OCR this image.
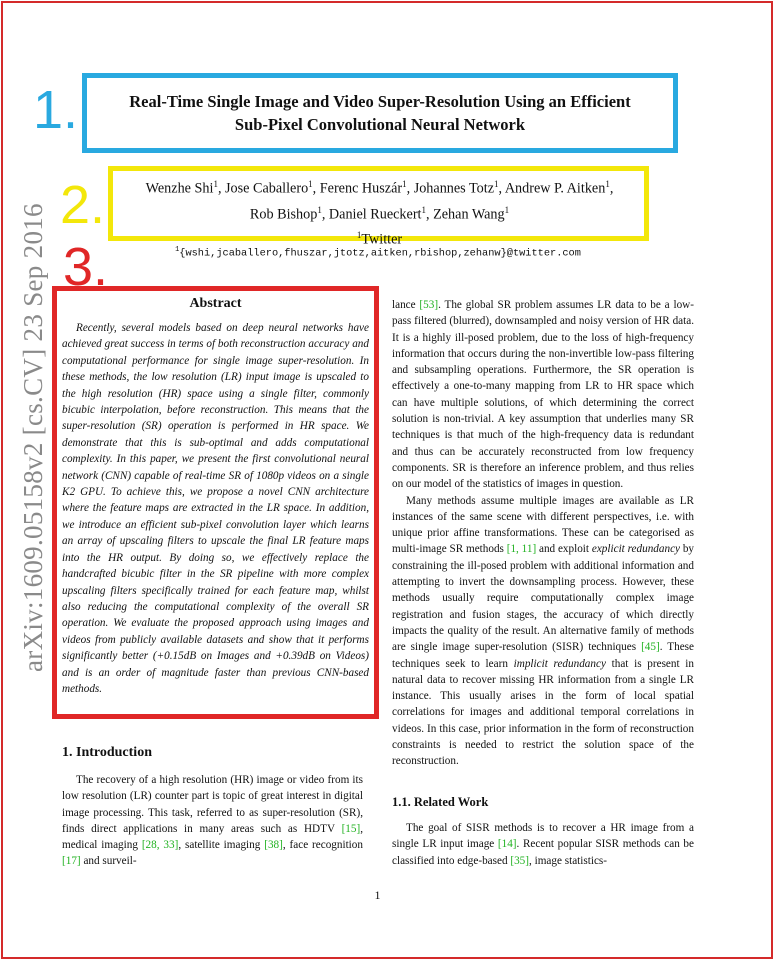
arXiv:1609.05158v2 [cs.CV] 23 Sep 2016
1.
2.
3.
Real-Time Single Image and Video Super-Resolution Using an Efficient
Sub-Pixel Convolutional Neural Network
Wenzhe Shi$^1$, Jose Caballero$^1$, Ferenc Huszár$^1$, Johannes Totz$^1$, Andrew P. Aitken$^1$,
Rob Bishop$^1$, Daniel Rueckert$^1$, Zehan Wang$^1$
$^1$Twitter
$^1${wshi,jcaballero,fhuszar,jtotz,aitken,rbishop,zehanw}@twitter.com
Abstract
Recently, several models based on deep neural networks have achieved great success in terms of both reconstruction accuracy and computational performance for single image super-resolution. In these methods, the low resolution (LR) input image is upscaled to the high resolution (HR) space using a single filter, commonly bicubic interpolation, before reconstruction. This means that the super-resolution (SR) operation is performed in HR space. We demonstrate that this is sub-optimal and adds computational complexity. In this paper, we present the first convolutional neural network (CNN) capable of real-time SR of 1080p videos on a single K2 GPU. To achieve this, we propose a novel CNN architecture where the feature maps are extracted in the LR space. In addition, we introduce an efficient sub-pixel convolution layer which learns an array of upscaling filters to upscale the final LR feature maps into the HR output. By doing so, we effectively replace the handcrafted bicubic filter in the SR pipeline with more complex upscaling filters specifically trained for each feature map, whilst also reducing the computational complexity of the overall SR operation. We evaluate the proposed approach using images and videos from publicly available datasets and show that it performs significantly better (+0.15dB on Images and +0.39dB on Videos) and is an order of magnitude faster than previous CNN-based methods.
1. Introduction
The recovery of a high resolution (HR) image or video from its low resolution (LR) counter part is topic of great interest in digital image processing. This task, referred to as super-resolution (SR), finds direct applications in many areas such as HDTV [15], medical imaging [28, 33], satellite imaging [38], face recognition [17] and surveil-

lance [53]. The global SR problem assumes LR data to be a low-pass filtered (blurred), downsampled and noisy version of HR data. It is a highly ill-posed problem, due to the loss of high-frequency information that occurs during the non-invertible low-pass filtering and subsampling operations. Furthermore, the SR operation is effectively a one-to-many mapping from LR to HR space which can have multiple solutions, of which determining the correct solution is non-trivial. A key assumption that underlies many SR techniques is that much of the high-frequency data is redundant and thus can be accurately reconstructed from low frequency components. SR is therefore an inference problem, and thus relies on our model of the statistics of images in question.

Many methods assume multiple images are available as LR instances of the same scene with different perspectives, i.e. with unique prior affine transformations. These can be categorised as multi-image SR methods [1, 11] and exploit explicit redundancy by constraining the ill-posed problem with additional information and attempting to invert the downsampling process. However, these methods usually require computationally complex image registration and fusion stages, the accuracy of which directly impacts the quality of the result. An alternative family of methods are single image super-resolution (SISR) techniques [45]. These techniques seek to learn implicit redundancy that is present in natural data to recover missing HR information from a single LR instance. This usually arises in the form of local spatial correlations for images and additional temporal correlations in videos. In this case, prior information in the form of reconstruction constraints is needed to restrict the solution space of the reconstruction.

1.1. Related Work
The goal of SISR methods is to recover a HR image from a single LR input image [14]. Recent popular SISR methods can be classified into edge-based [35], image statistics-
1
